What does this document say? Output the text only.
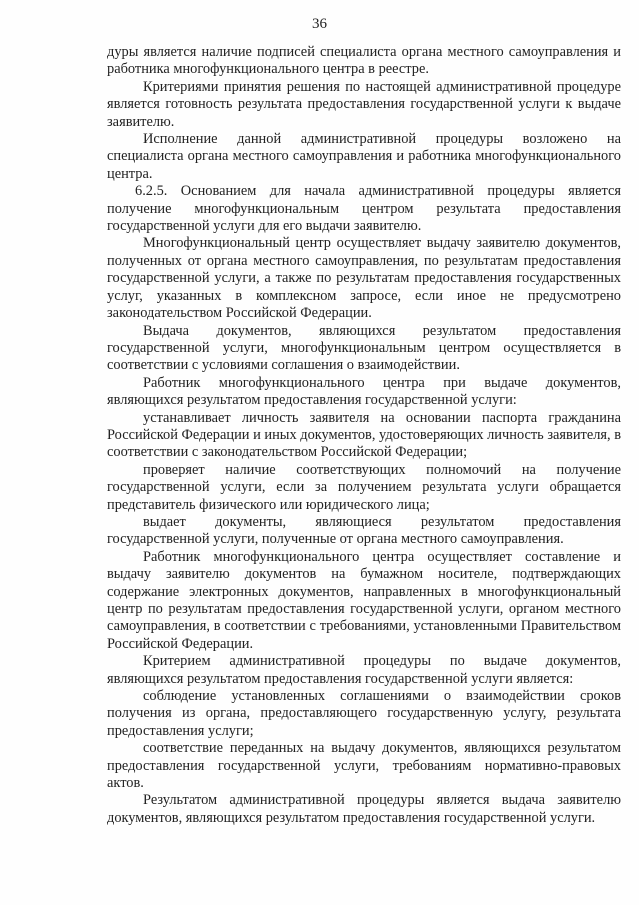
36

дуры является наличие подписей специалиста органа местного самоуправления и работника многофункционального центра в реестре.

Критериями принятия решения по настоящей административной процедуре является готовность результата предоставления государственной услуги к выдаче заявителю.

Исполнение данной административной процедуры возложено на специалиста органа местного самоуправления и работника многофункционального центра.

6.2.5. Основанием для начала административной процедуры является получение многофункциональным центром результата предоставления государственной услуги для его выдачи заявителю.

Многофункциональный центр осуществляет выдачу заявителю документов, полученных от органа местного самоуправления, по результатам предоставления государственной услуги, а также по результатам предоставления государственных услуг, указанных в комплексном запросе, если иное не предусмотрено законодательством Российской Федерации.

Выдача документов, являющихся результатом предоставления государственной услуги, многофункциональным центром осуществляется в соответствии с условиями соглашения о взаимодействии.

Работник многофункционального центра при выдаче документов, являющихся результатом предоставления государственной услуги:

устанавливает личность заявителя на основании паспорта гражданина Российской Федерации и иных документов, удостоверяющих личность заявителя, в соответствии с законодательством Российской Федерации;

проверяет наличие соответствующих полномочий на получение государственной услуги, если за получением результата услуги обращается представитель физического или юридического лица;

выдает документы, являющиеся результатом предоставления государственной услуги, полученные от органа местного самоуправления.

Работник многофункционального центра осуществляет составление и выдачу заявителю документов на бумажном носителе, подтверждающих содержание электронных документов, направленных в многофункциональный центр по результатам предоставления государственной услуги, органом местного самоуправления, в соответствии с требованиями, установленными Правительством Российской Федерации.

Критерием административной процедуры по выдаче документов, являющихся результатом предоставления государственной услуги является:

соблюдение установленных соглашениями о взаимодействии сроков получения из органа, предоставляющего государственную услугу, результата предоставления услуги;

соответствие переданных на выдачу документов, являющихся результатом предоставления государственной услуги, требованиям нормативно-правовых актов.

Результатом административной процедуры является выдача заявителю документов, являющихся результатом предоставления государственной услуги.
